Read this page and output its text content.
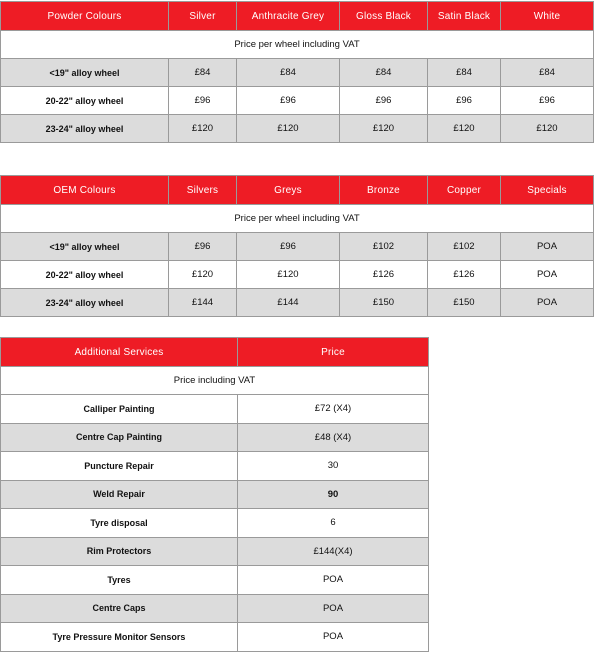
Powder Colours	Silver	Anthracite Grey	Gloss Black	Satin Black	White
Price per wheel including VAT					
<19" alloy wheel	£84	£84	£84	£84	£84
20-22" alloy wheel	£96	£96	£96	£96	£96
23-24" alloy wheel	£120	£120	£120	£120	£120
OEM Colours	Silvers	Greys	Bronze	Copper	Specials
Price per wheel including VAT					
<19" alloy wheel	£96	£96	£102	£102	POA
20-22" alloy wheel	£120	£120	£126	£126	POA
23-24" alloy wheel	£144	£144	£150	£150	POA
Additional Services	Price
Price including VAT	
Calliper Painting	£72 (X4)
Centre Cap Painting	£48 (X4)
Puncture Repair	30
Weld Repair	90
Tyre disposal	6
Rim Protectors	£144(X4)
Tyres	POA
Centre Caps	POA
Tyre Pressure Monitor Sensors	POA
